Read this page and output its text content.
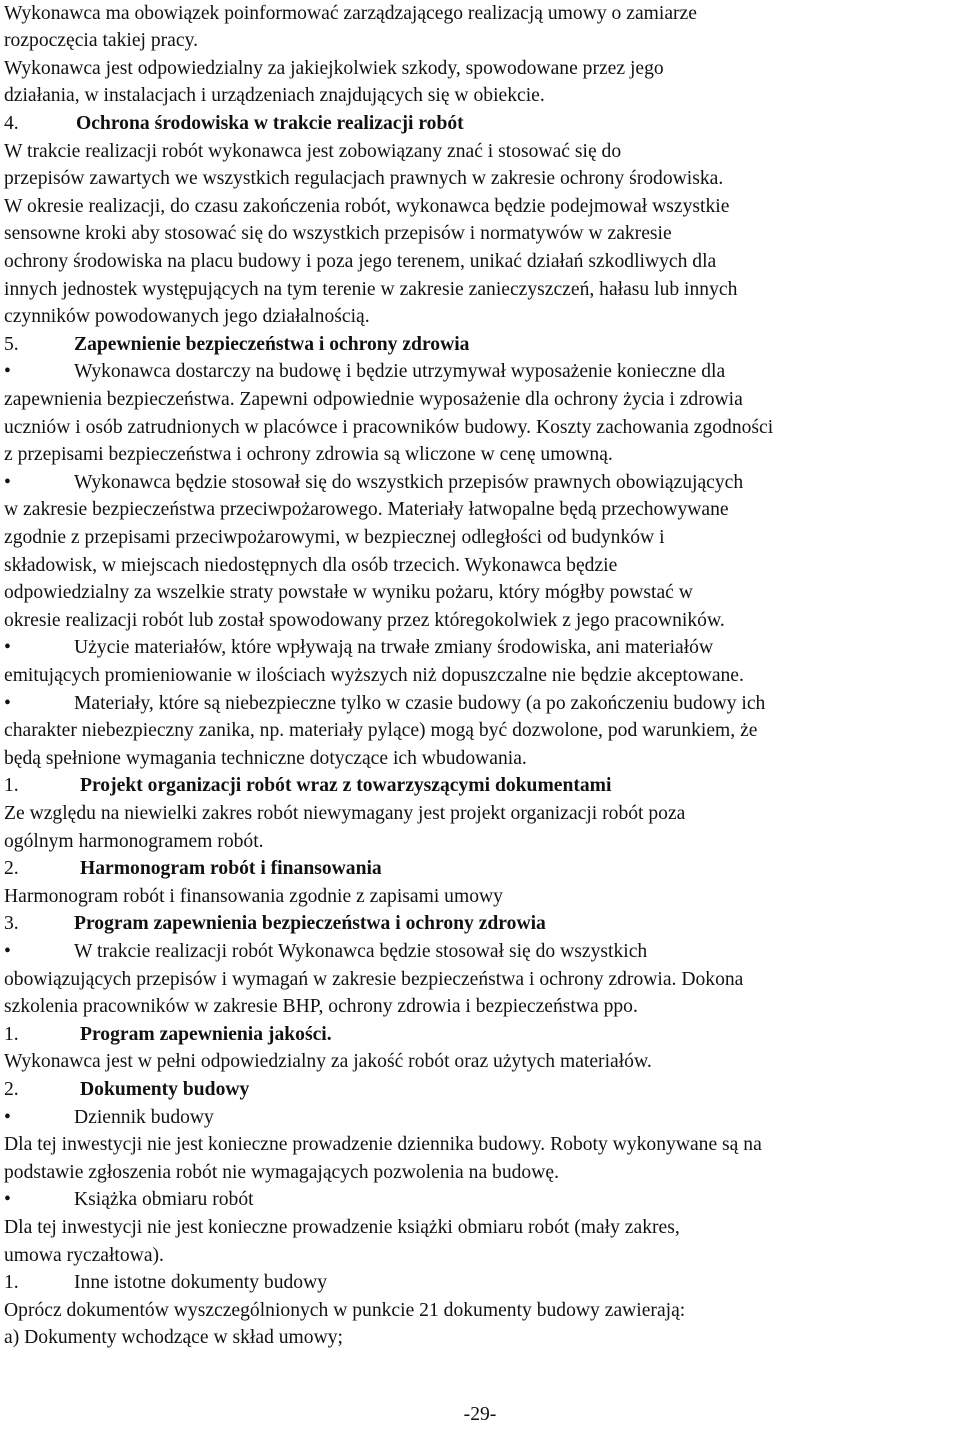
Wykonawca ma obowiązek poinformować zarządzającego realizacją umowy o zamiarze
rozpoczęcia takiej pracy.
Wykonawca jest odpowiedzialny za jakiejkolwiek szkody, spowodowane przez jego
działania, w instalacjach i urządzeniach znajdujących się w obiekcie.
4.	Ochrona środowiska w trakcie realizacji robót
W trakcie realizacji robót wykonawca jest zobowiązany znać i stosować się do
przepisów zawartych we wszystkich regulacjach prawnych w zakresie ochrony środowiska.
W okresie realizacji, do czasu zakończenia robót, wykonawca będzie podejmował wszystkie
sensowne kroki aby stosować się do wszystkich przepisów i normatywów w zakresie
ochrony środowiska na placu budowy i poza jego terenem, unikać działań szkodliwych dla
innych jednostek występujących na tym terenie w zakresie zanieczyszczeń, hałasu lub innych
czynników powodowanych jego działalnością.
5.	Zapewnienie bezpieczeństwa i ochrony zdrowia
•	Wykonawca dostarczy na budowę i będzie utrzymywał wyposażenie konieczne dla
zapewnienia bezpieczeństwa. Zapewni odpowiednie wyposażenie dla ochrony życia i zdrowia
uczniów i osób zatrudnionych w placówce i pracowników budowy. Koszty zachowania zgodności
z przepisami bezpieczeństwa i ochrony zdrowia są wliczone w cenę umowną.
•	Wykonawca będzie stosował się do wszystkich przepisów prawnych obowiązujących
w zakresie bezpieczeństwa przeciwpożarowego. Materiały łatwopalne będą przechowywane
zgodnie z przepisami przeciwpożarowymi, w bezpiecznej odległości od budynków i
składowisk, w miejscach niedostępnych dla osób trzecich. Wykonawca będzie
odpowiedzialny za wszelkie straty powstałe w wyniku pożaru, który mógłby powstać w
okresie realizacji robót lub został spowodowany przez któregokolwiek z jego pracowników.
•	Użycie materiałów, które wpływają na trwałe zmiany środowiska, ani materiałów
emitujących promieniowanie w ilościach wyższych niż dopuszczalne nie będzie akceptowane.
•	Materiały, które są niebezpieczne tylko w czasie budowy (a po zakończeniu budowy ich
charakter niebezpieczny zanika, np. materiały pylące) mogą być dozwolone, pod warunkiem, że
będą spełnione wymagania techniczne dotyczące ich wbudowania.
1.	Projekt organizacji robót wraz z towarzyszącymi dokumentami
Ze względu na niewielki zakres robót niewymagany jest projekt organizacji robót poza
ogólnym harmonogramem robót.
2.	Harmonogram robót i finansowania
Harmonogram robót i finansowania zgodnie z zapisami umowy
3.	Program zapewnienia bezpieczeństwa i ochrony zdrowia
•	W trakcie realizacji robót Wykonawca będzie stosował się do wszystkich
obowiązujących przepisów i wymagań w zakresie bezpieczeństwa i ochrony zdrowia. Dokona
szkolenia pracowników w zakresie BHP, ochrony zdrowia i bezpieczeństwa ppo.
1.	Program zapewnienia jakości.
Wykonawca jest w pełni odpowiedzialny za jakość robót oraz użytych materiałów.
2.	Dokumenty budowy
•	Dziennik budowy
Dla tej inwestycji nie jest konieczne prowadzenie dziennika budowy. Roboty wykonywane są na
podstawie zgłoszenia robót nie wymagających pozwolenia na budowę.
•	Książka obmiaru robót
Dla tej inwestycji nie jest konieczne prowadzenie książki obmiaru robót (mały zakres,
umowa ryczałtowa).
1.	Inne istotne dokumenty budowy
Oprócz dokumentów wyszczególnionych w punkcie 21 dokumenty budowy zawierają:
a) Dokumenty wchodzące w skład umowy;
-29-
